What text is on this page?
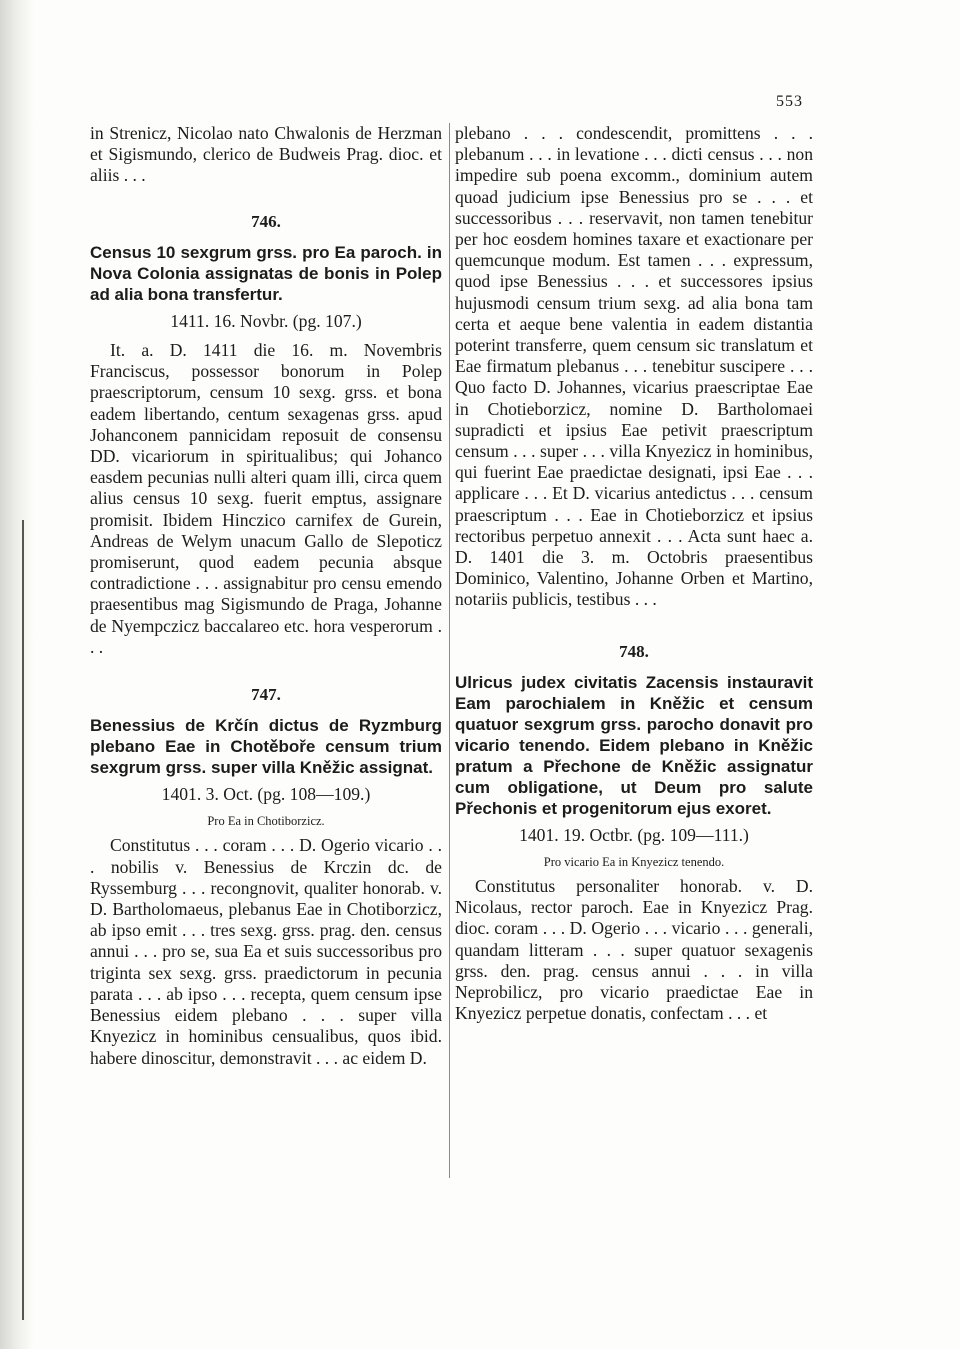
553

in Strenicz, Nicolao nato Chwalonis de Herzman et Sigismundo, clerico de Budweis Prag. dioc. et aliis . . .

746.

Census 10 sexgrum grss. pro Ea paroch. in Nova Colonia assignatas de bonis in Polep ad alia bona transfertur.

1411. 16. Novbr. (pg. 107.)

It. a. D. 1411 die 16. m. Novembris Franciscus, possessor bonorum in Polep praescriptorum, censum 10 sexg. grss. et bona eadem libertando, centum sexagenas grss. apud Johanconem pannicidam reposuit de consensu DD. vicariorum in spiritualibus; qui Johanco easdem pecunias nulli alteri quam illi, circa quem alius census 10 sexg. fuerit emptus, assignare promisit. Ibidem Hinczico carnifex de Gurein, Andreas de Welym unacum Gallo de Slepoticz promiserunt, quod eadem pecunia absque contradictione . . . assignabitur pro censu emendo praesentibus mag Sigismundo de Praga, Johanne de Nyempczicz baccalareo etc. hora vesperorum . . .

747.

Benessius de Krčín dictus de Ryzmburg plebano Eae in Chotěboře censum trium sexgrum grss. super villa Kněžic assignat.

1401. 3. Oct. (pg. 108—109.)

Pro Ea in Chotiborzicz.

Constitutus . . . coram . . . D. Ogerio vicario . . . nobilis v. Benessius de Krczin dc. de Ryssemburg . . . recongnovit, qualiter honorab. v. D. Bartholomaeus, plebanus Eae in Chotiborzicz, ab ipso emit . . . tres sexg. grss. prag. den. census annui . . . pro se, sua Ea et suis successoribus pro triginta sex sexg. grss. praedictorum in pecunia parata . . . ab ipso . . . recepta, quem censum ipse Benessius eidem plebano . . . super villa Knyezicz in hominibus censualibus, quos ibid. habere dinoscitur, demonstravit . . . ac eidem D.

plebano . . . condescendit, promittens . . . plebanum . . . in levatione . . . dicti census . . . non impedire sub poena excomm., dominium autem quoad judicium ipse Benessius pro se . . . et successoribus . . . reservavit, non tamen tenebitur per hoc eosdem homines taxare et exactionare per quemcunque modum. Est tamen . . . expressum, quod ipse Benessius . . . et successores ipsius hujusmodi censum trium sexg. ad alia bona tam certa et aeque bene valentia in eadem distantia poterint transferre, quem censum sic translatum et Eae firmatum plebanus . . . tenebitur suscipere . . . Quo facto D. Johannes, vicarius praescriptae Eae in Chotieborzicz, nomine D. Bartholomaei supradicti et ipsius Eae petivit praescriptum censum . . . super . . . villa Knyezicz in hominibus, qui fuerint Eae praedictae designati, ipsi Eae . . . applicare . . . Et D. vicarius antedictus . . . censum praescriptum . . . Eae in Chotieborzicz et ipsius rectoribus perpetuo annexit . . . Acta sunt haec a. D. 1401 die 3. m. Octobris praesentibus Dominico, Valentino, Johanne Orben et Martino, notariis publicis, testibus . . .

748.

Ulricus judex civitatis Zacensis instauravit Eam parochialem in Kněžic et censum quatuor sexgrum grss. parocho donavit pro vicario tenendo. Eidem plebano in Kněžic pratum a Přechone de Kněžic assignatur cum obligatione, ut Deum pro salute Přechonis et progenitorum ejus exoret.

1401. 19. Octbr. (pg. 109—111.)

Pro vicario Ea in Knyezicz tenendo.

Constitutus personaliter honorab. v. D. Nicolaus, rector paroch. Eae in Knyezicz Prag. dioc. coram . . . D. Ogerio . . . vicario . . . generali, quandam litteram . . . super quatuor sexagenis grss. den. prag. census annui . . . in villa Neprobilicz, pro vicario praedictae Eae in Knyezicz perpetue donatis, confectam . . . et
